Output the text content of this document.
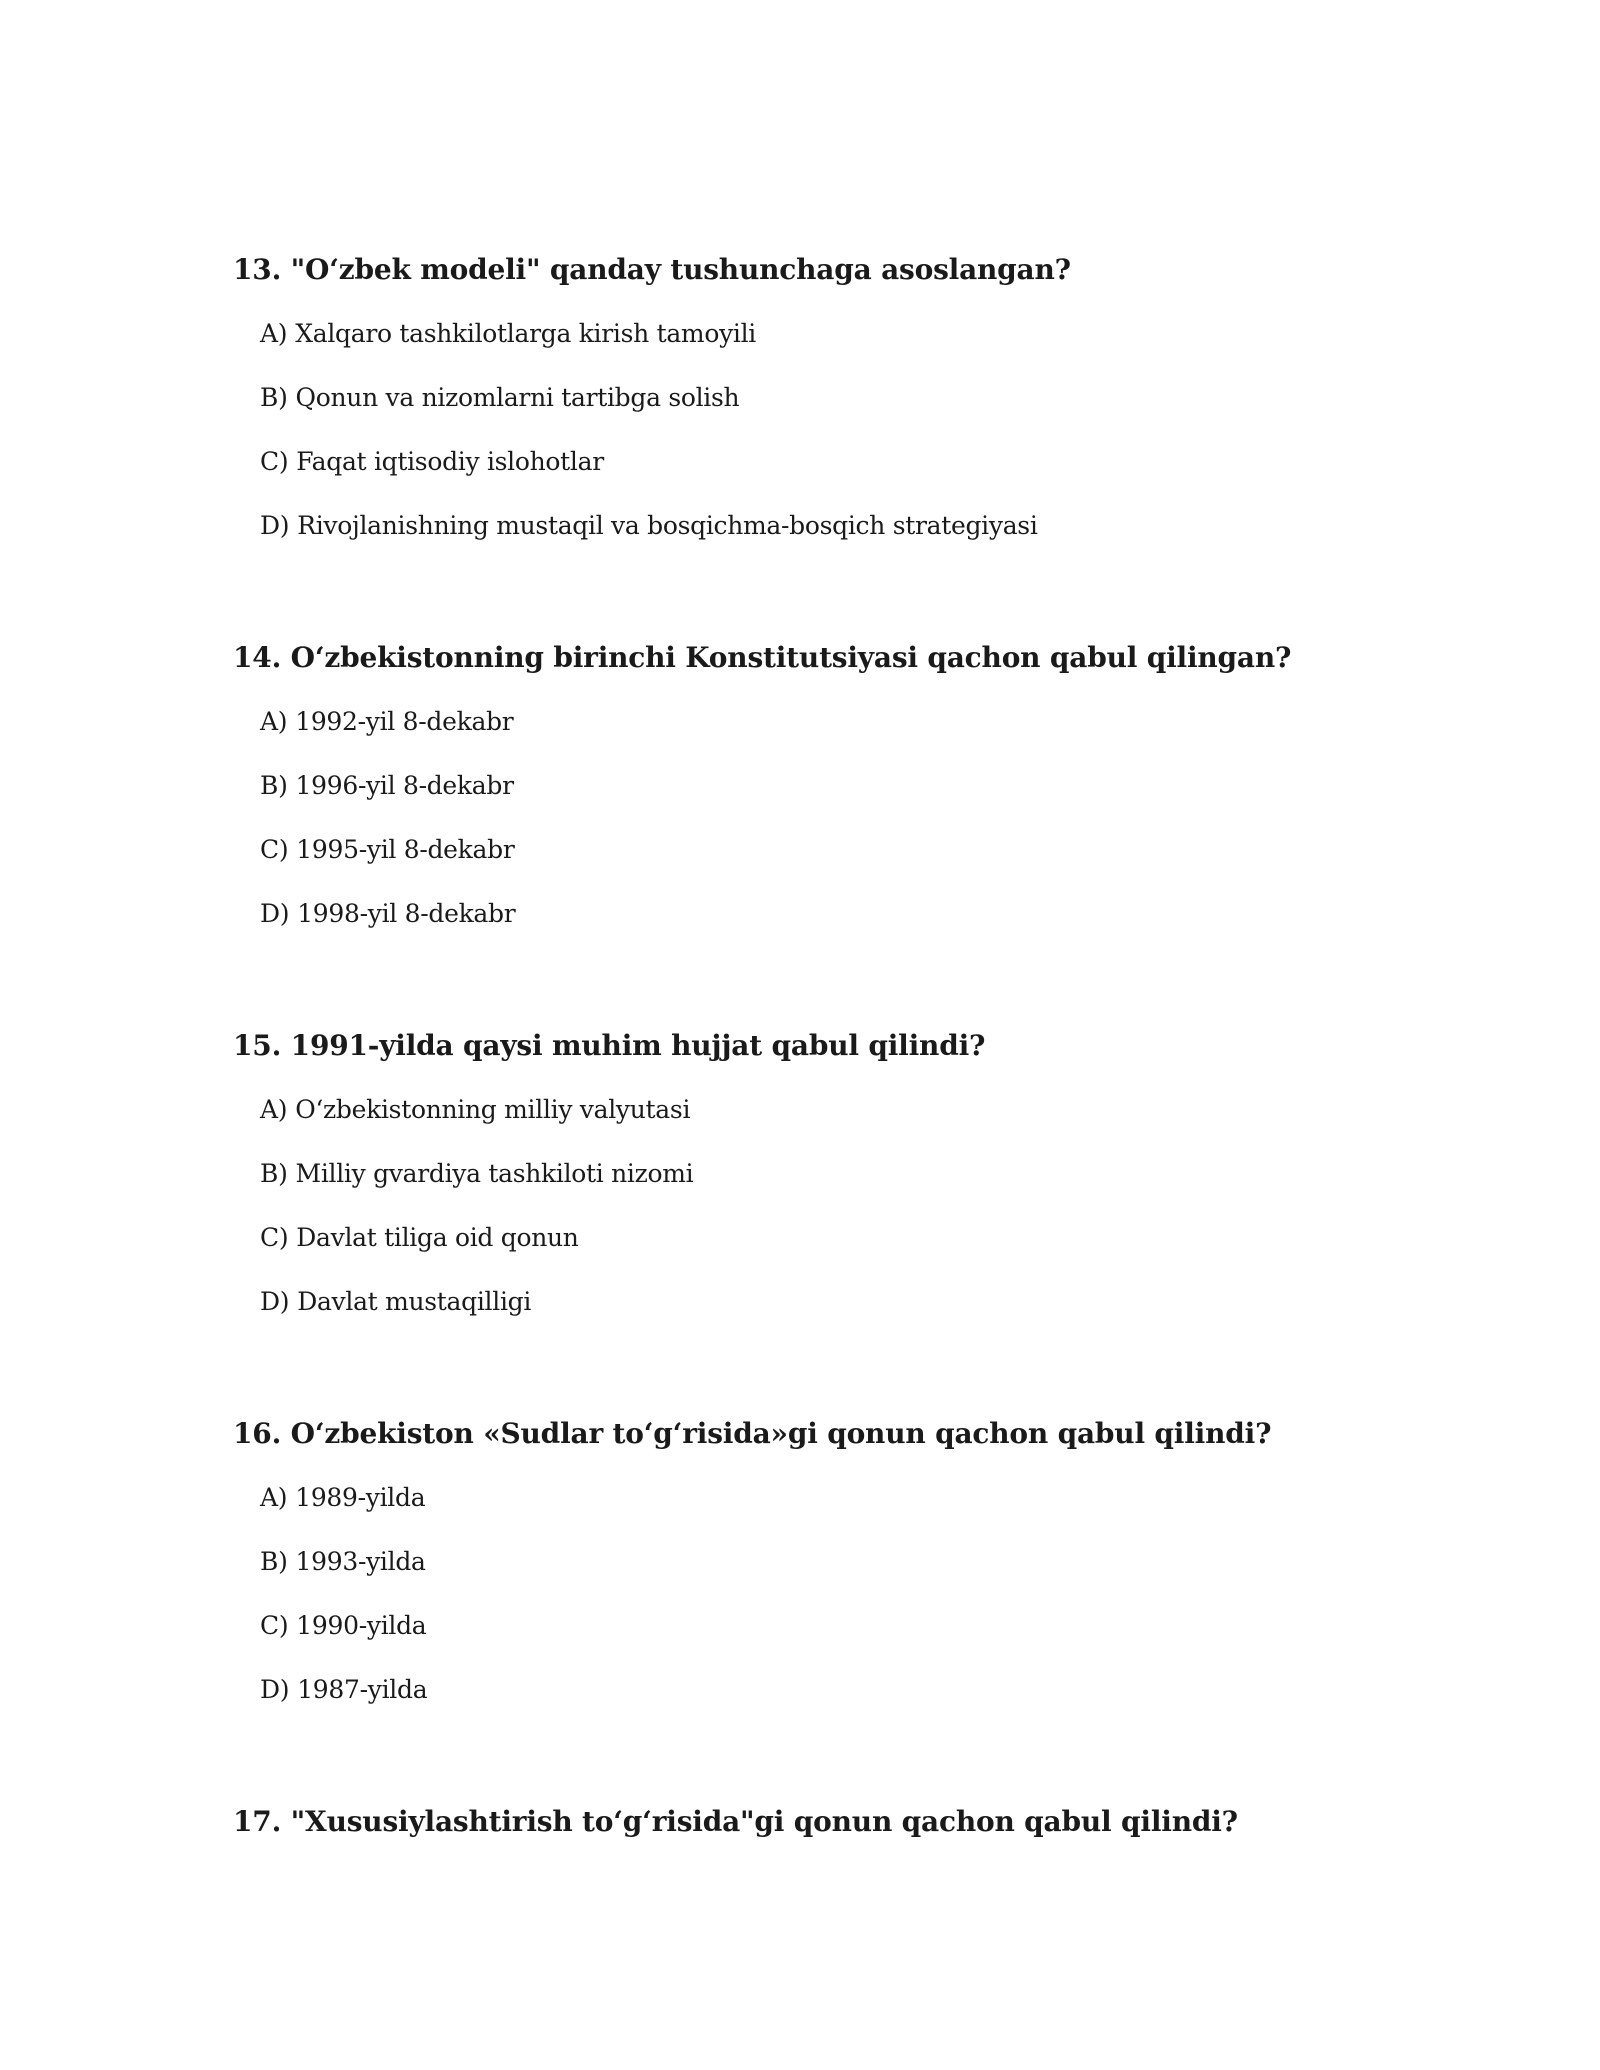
13. "O‘zbek modeli" qanday tushunchaga asoslangan?
A) Xalqaro tashkilotlarga kirish tamoyili
B) Qonun va nizomlarni tartibga solish
C) Faqat iqtisodiy islohotlar
D) Rivojlanishning mustaqil va bosqichma-bosqich strategiyasi
14. O‘zbekistonning birinchi Konstitutsiyasi qachon qabul qilingan?
A) 1992-yil 8-dekabr
B) 1996-yil 8-dekabr
C) 1995-yil 8-dekabr
D) 1998-yil 8-dekabr
15. 1991-yilda qaysi muhim hujjat qabul qilindi?
A) O‘zbekistonning milliy valyutasi
B) Milliy gvardiya tashkiloti nizomi
C) Davlat tiliga oid qonun
D) Davlat mustaqilligi
16. O‘zbekiston «Sudlar to‘g‘risida»gi qonun qachon qabul qilindi?
A) 1989-yilda
B) 1993-yilda
C) 1990-yilda
D) 1987-yilda
17. "Xususiylashtirish to‘g‘risida"gi qonun qachon qabul qilindi?
